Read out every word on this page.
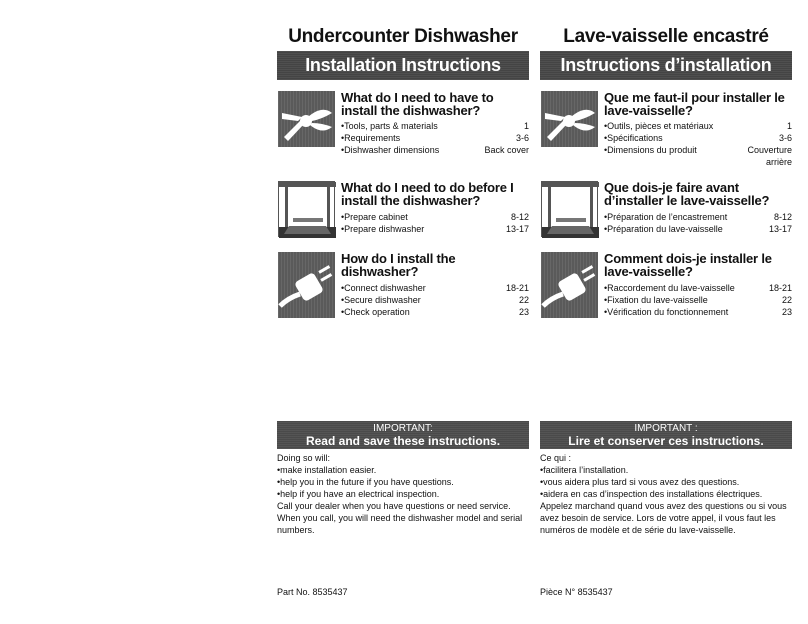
Undercounter Dishwasher
Installation Instructions
What do I need to have to install the dishwasher?
• Tools, parts & materials	1
• Requirements	3-6
• Dishwasher dimensions	Back cover
What do I need to do before I install the dishwasher?
• Prepare cabinet	8-12
• Prepare dishwasher	13-17
How do I install the dishwasher?
• Connect dishwasher	18-21
• Secure dishwasher	22
• Check operation	23
IMPORTANT:
Read and save these instructions.
Doing so will:
• make installation easier.
• help you in the future if you have questions.
• help if you have an electrical inspection.
Call your dealer when you have questions or need service. When you call, you will need the dishwasher model and serial numbers.
Part No. 8535437
Lave-vaisselle encastré
Instructions d’installation
Que me faut-il pour installer le lave-vaisselle?
• Outils, pièces et matériaux	1
• Spécifications	3-6
• Dimensions du produit	Couverture
arrière
Que dois-je faire avant d’installer le lave-vaisselle?
• Préparation de l’encastrement	8-12
• Préparation du lave-vaisselle	13-17
Comment dois-je installer le lave-vaisselle?
• Raccordement du lave-vaisselle	18-21
• Fixation du lave-vaisselle	22
• Vérification du fonctionnement	23
IMPORTANT :
Lire et conserver ces instructions.
Ce qui :
• facilitera l’installation.
• vous aidera plus tard si vous avez des questions.
• aidera en cas d’inspection des installations électriques.
Appelez marchand quand vous avez des questions ou si vous avez besoin de service. Lors de votre appel, il vous faut les numéros de modèle et de série du lave-vaisselle.
Pièce N° 8535437
